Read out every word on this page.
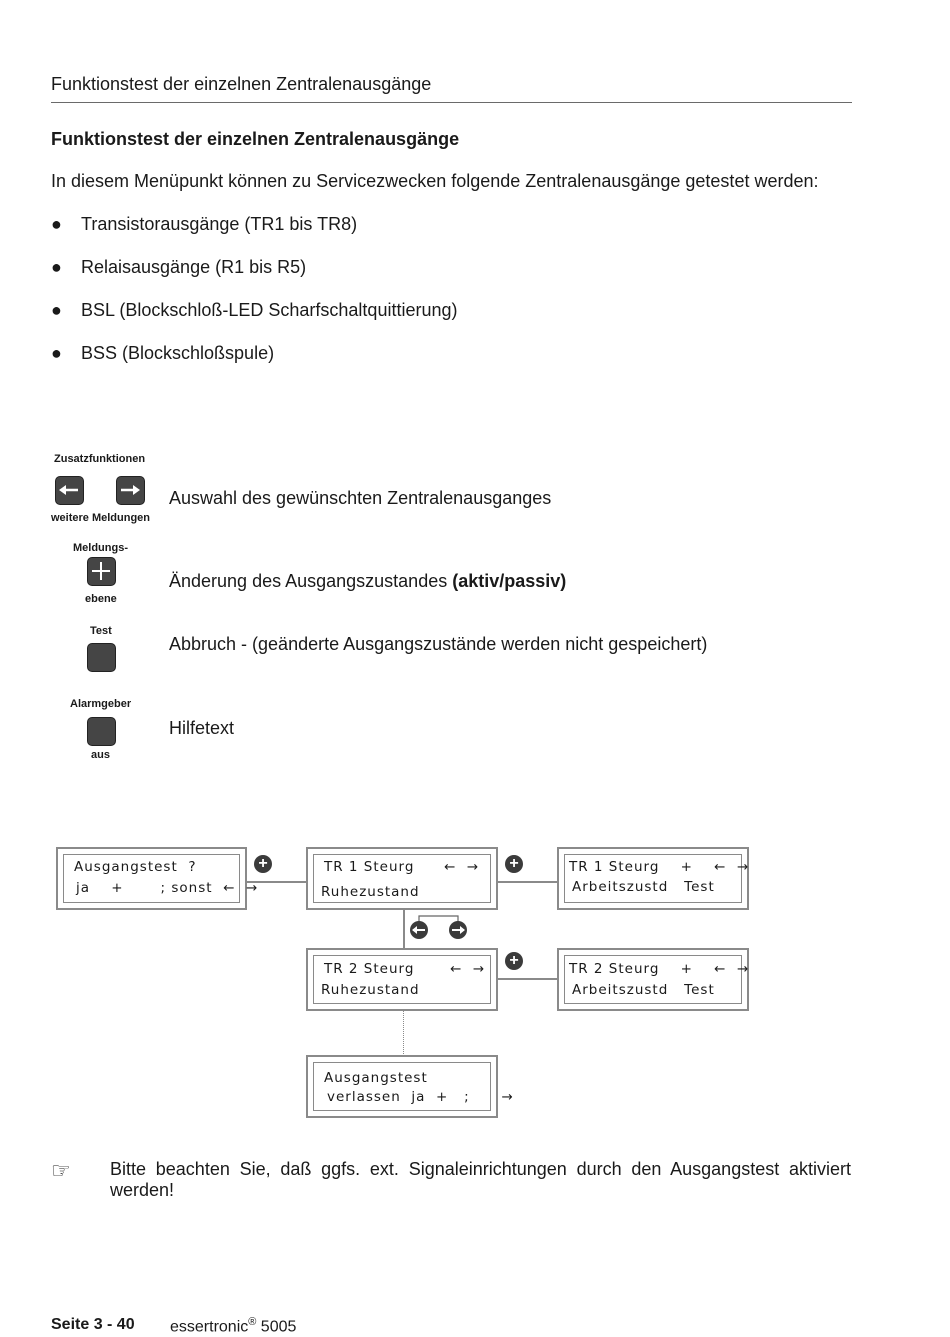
Funktionstest der einzelnen Zentralenausgänge
Funktionstest der einzelnen Zentralenausgänge
In diesem Menüpunkt können zu Servicezwecken folgende Zentralenausgänge getestet werden:
● Transistorausgänge (TR1 bis TR8)
● Relaisausgänge (R1 bis R5)
● BSL (Blockschloß-LED Scharfschaltquittierung)
● BSS (Blockschloßspule)
Zusatzfunktionen
weitere Meldungen
Auswahl des gewünschten Zentralenausganges
Meldungs-
ebene
Änderung des Ausgangszustandes (aktiv/passiv)
Test
Abbruch - (geänderte Ausgangszustände werden nicht gespeichert)
Alarmgeber
aus
Hilfetext
+	+
+
Ausgangstest  ?
ja    +       ; sonst  ←  →
TR 1 Steurg ←  →
Ruhezustand
TR 1 Steurg    +    ←  →
Arbeitszustd   Test
TR 2 Steurg	←  →
Ruhezustand
TR 2 Steurg    +    ←  →
Arbeitszustd   Test
Ausgangstest
verlassen  ja  +   ;      →
☞ Bitte beachten Sie, daß ggfs. ext. Signaleinrichtungen durch den Ausgangstest aktiviert werden!
Seite 3 - 40 essertronic® 5005
